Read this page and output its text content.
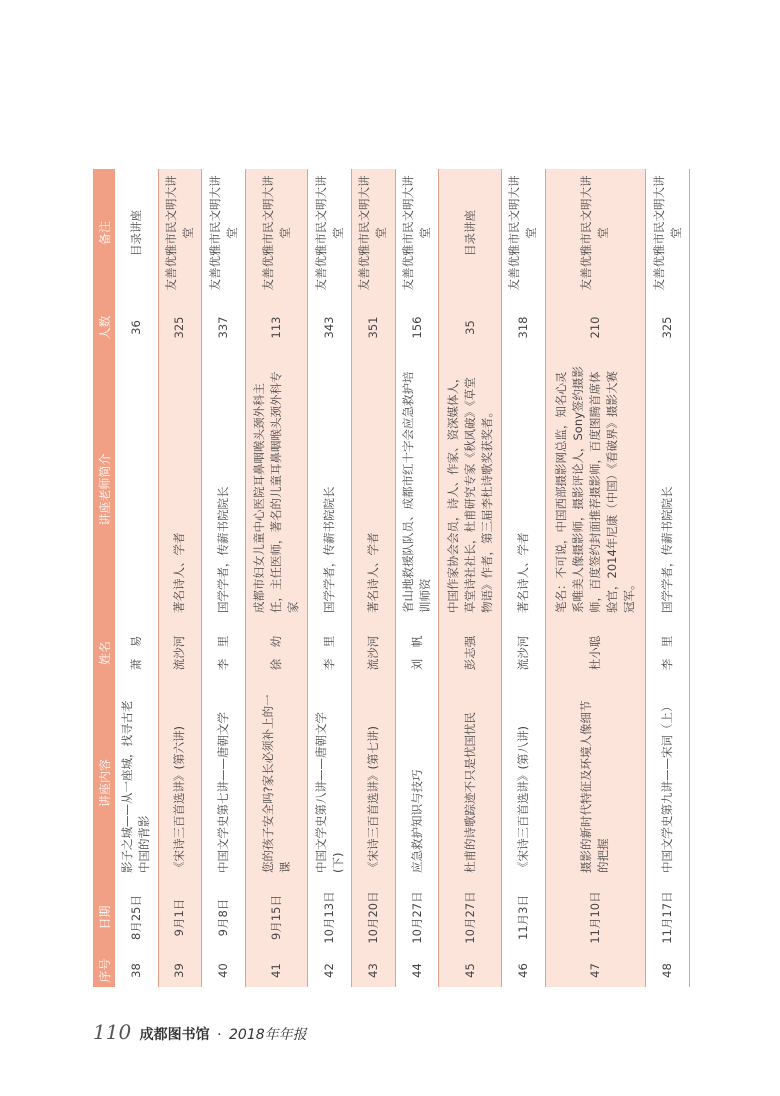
序号	日期	讲座内容	姓名	讲座老师简介	人数	备注
38	8月25日	影子之城——从一座城，找寻古老中国的背影	萧　易		36	目录讲座
39	9月1日	《宋诗三百首选讲》(第六讲)	流沙河	著名诗人、学者	325	友善优雅市民文明大讲堂
40	9月8日	中国文学史第七讲——唐朝文学	李　里	国学学者，传薪书院院长	337	友善优雅市民文明大讲堂
41	9月15日	您的孩子安全吗?家长必须补上的一课	徐　幼	成都市妇女儿童中心医院耳鼻咽喉头颈外科主任，主任医师，著名的儿童耳鼻咽喉头颈外科专家	113	友善优雅市民文明大讲堂
42	10月13日	中国文学史第八讲——唐朝文学(下)	李　里	国学学者，传薪书院院长	343	友善优雅市民文明大讲堂
43	10月20日	《宋诗三百首选讲》(第七讲)	流沙河	著名诗人、学者	351	友善优雅市民文明大讲堂
44	10月27日	应急救护知识与技巧	刘　帆	省山地救援队队员、成都市红十字会应急救护培训师资	156	友善优雅市民文明大讲堂
45	10月27日	杜甫的诗歌踪迹不只是忧国忧民	彭志强	中国作家协会会员，诗人、作家、资深媒体人，草堂诗社社长，杜甫研究专家《秋风破》《草堂物语》作者，第三届李杜诗歌奖获奖者。	35	目录讲座
46	11月3日	《宋诗三百首选讲》(第八讲)	流沙河	著名诗人、学者	318	友善优雅市民文明大讲堂
47	11月10日	摄影的新时代特征及环境人像细节的把握	杜小聪	笔名：不可说，中国西部摄影网总监，知名心灵系唯美人像摄影师，摄影评论人，Sony签约摄影师，百度签约封面推荐摄影师，百度图腾首席体验官，2014年尼康（中国）《看破界》摄影大赛冠军。	210	友善优雅市民文明大讲堂
48	11月17日	中国文学史第九讲——宋词（上）	李　里	国学学者，传薪书院院长	325	友善优雅市民文明大讲堂
110 成都图书馆 · 2018年年报
